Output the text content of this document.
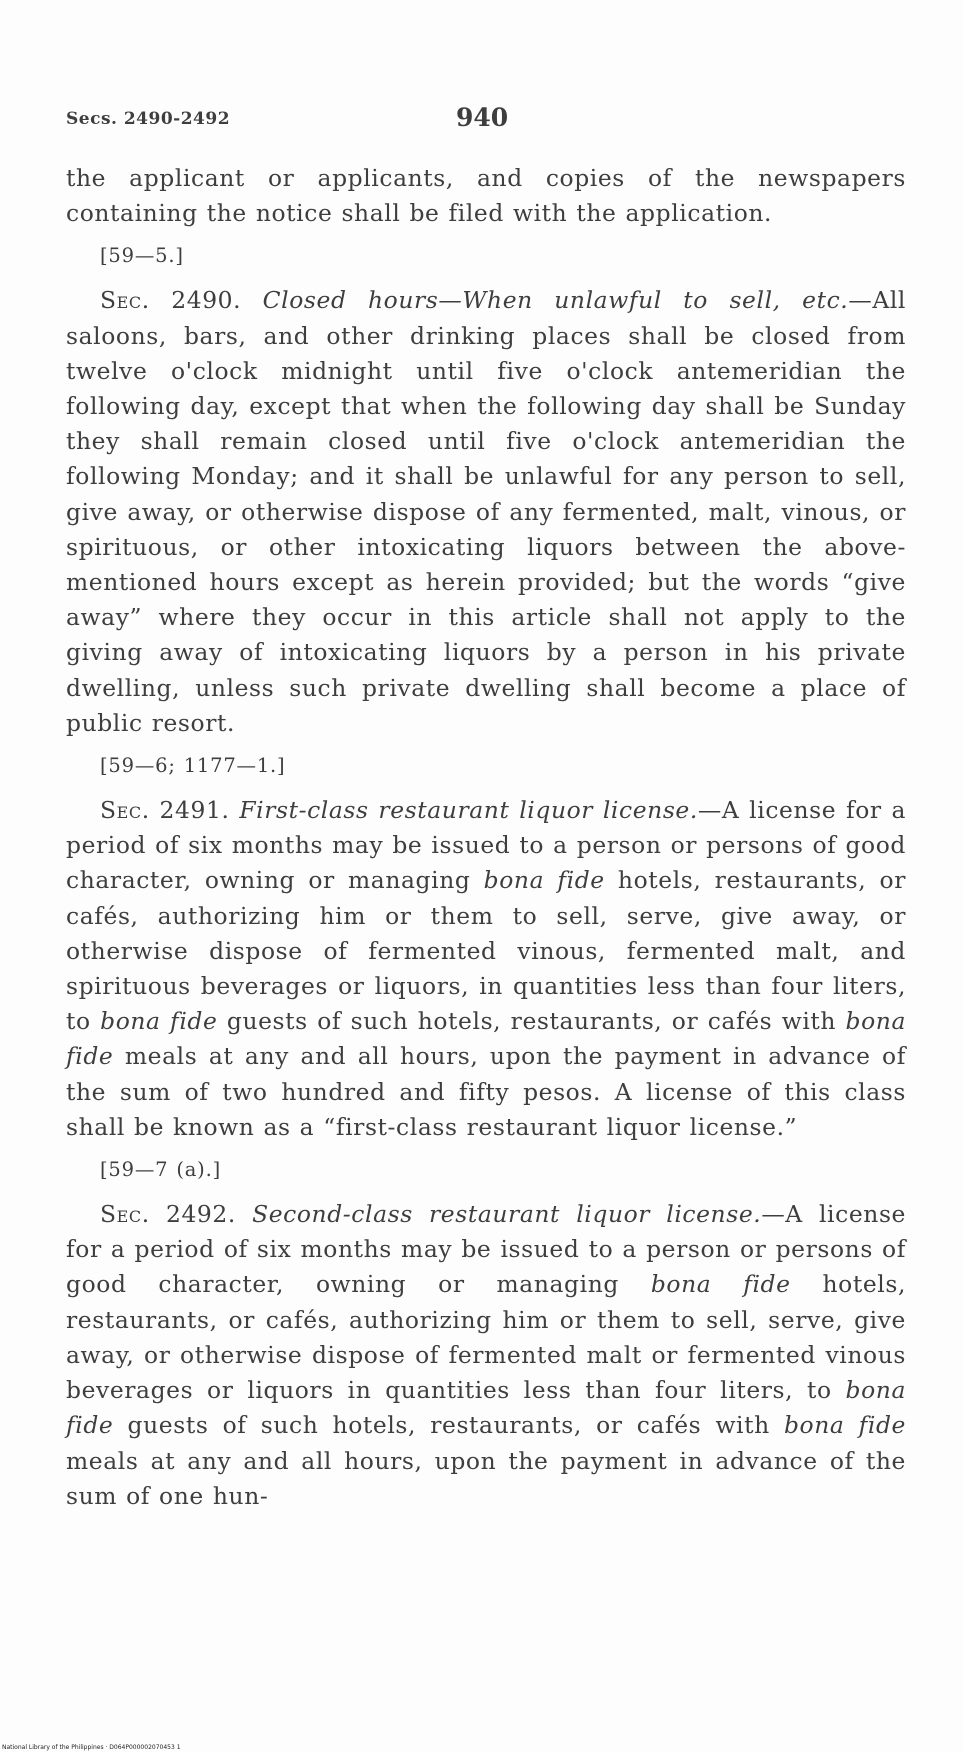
Secs. 2490-2492	940

the applicant or applicants, and copies of the newspapers containing the notice shall be filed with the application.

[59—5.]

Sec. 2490. Closed hours—When unlawful to sell, etc.—All saloons, bars, and other drinking places shall be closed from twelve o'clock midnight until five o'clock antemeridian the following day, except that when the following day shall be Sunday they shall remain closed until five o'clock antemeridian the following Monday; and it shall be unlawful for any person to sell, give away, or otherwise dispose of any fermented, malt, vinous, or spirituous, or other intoxicating liquors between the above-mentioned hours except as herein provided; but the words “give away” where they occur in this article shall not apply to the giving away of intoxicating liquors by a person in his private dwelling, unless such private dwelling shall become a place of public resort.

[59—6; 1177—1.]

Sec. 2491. First-class restaurant liquor license.—A license for a period of six months may be issued to a person or persons of good character, owning or managing bona fide hotels, restaurants, or cafés, authorizing him or them to sell, serve, give away, or otherwise dispose of fermented vinous, fermented malt, and spirituous beverages or liquors, in quantities less than four liters, to bona fide guests of such hotels, restaurants, or cafés with bona fide meals at any and all hours, upon the payment in advance of the sum of two hundred and fifty pesos. A license of this class shall be known as a “first-class restaurant liquor license.”

[59—7 (a).]

Sec. 2492. Second-class restaurant liquor license.—A license for a period of six months may be issued to a person or persons of good character, owning or managing bona fide hotels, restaurants, or cafés, authorizing him or them to sell, serve, give away, or otherwise dispose of fermented malt or fermented vinous beverages or liquors in quantities less than four liters, to bona fide guests of such hotels, restaurants, or cafés with bona fide meals at any and all hours, upon the payment in advance of the sum of one hun-

National Library of the Philippines · D064P000002070453 1
